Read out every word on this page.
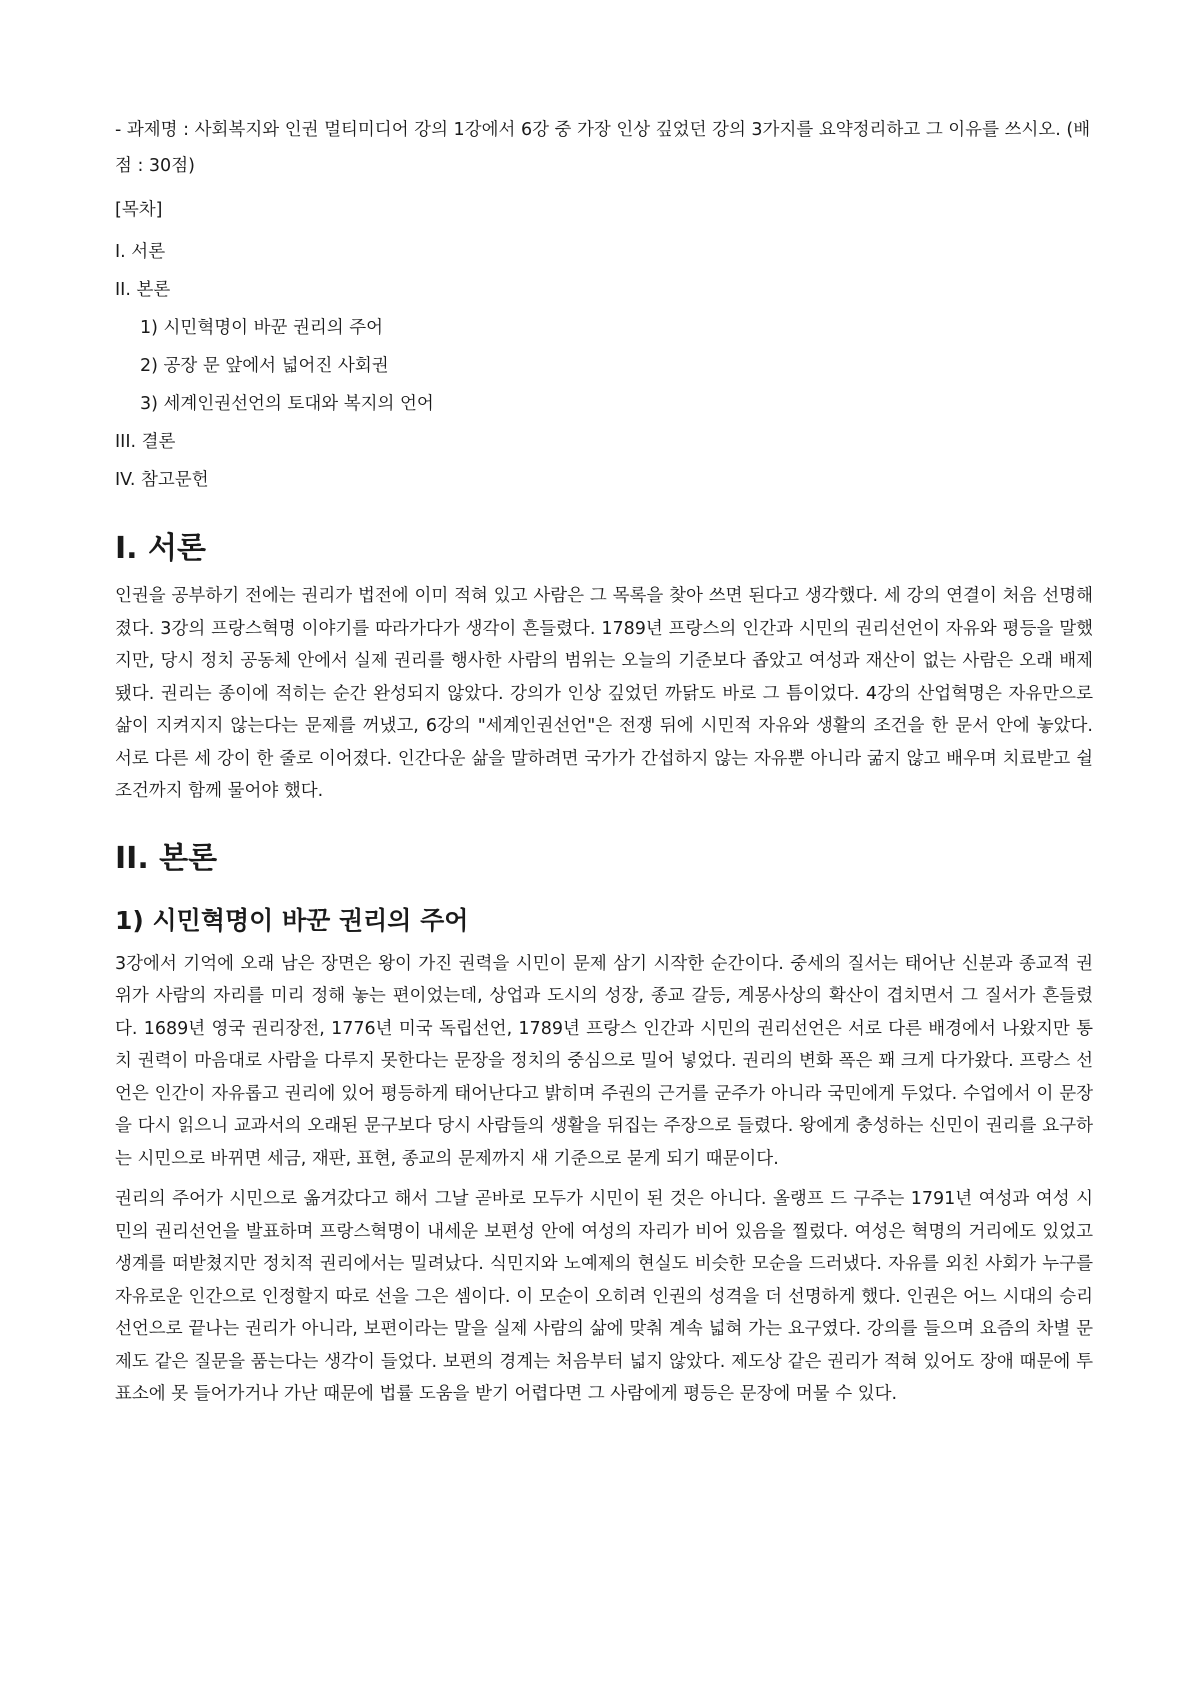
- 과제명 : 사회복지와 인권 멀티미디어 강의 1강에서 6강 중 가장 인상 깊었던 강의 3가지를 요약정리하고 그 이유를 쓰시오. (배점 : 30점)

[목차]
I. 서론
II. 본론
1) 시민혁명이 바꾼 권리의 주어
2) 공장 문 앞에서 넓어진 사회권
3) 세계인권선언의 토대와 복지의 언어
III. 결론
IV. 참고문헌
I. 서론

인권을 공부하기 전에는 권리가 법전에 이미 적혀 있고 사람은 그 목록을 찾아 쓰면 된다고 생각했다. 세 강의 연결이 처음 선명해졌다. 3강의 프랑스혁명 이야기를 따라가다가 생각이 흔들렸다. 1789년 프랑스의 인간과 시민의 권리선언이 자유와 평등을 말했지만, 당시 정치 공동체 안에서 실제 권리를 행사한 사람의 범위는 오늘의 기준보다 좁았고 여성과 재산이 없는 사람은 오래 배제됐다. 권리는 종이에 적히는 순간 완성되지 않았다. 강의가 인상 깊었던 까닭도 바로 그 틈이었다. 4강의 산업혁명은 자유만으로 삶이 지켜지지 않는다는 문제를 꺼냈고, 6강의 "세계인권선언"은 전쟁 뒤에 시민적 자유와 생활의 조건을 한 문서 안에 놓았다. 서로 다른 세 강이 한 줄로 이어졌다. 인간다운 삶을 말하려면 국가가 간섭하지 않는 자유뿐 아니라 굶지 않고 배우며 치료받고 쉴 조건까지 함께 물어야 했다.

II. 본론
1) 시민혁명이 바꾼 권리의 주어

3강에서 기억에 오래 남은 장면은 왕이 가진 권력을 시민이 문제 삼기 시작한 순간이다. 중세의 질서는 태어난 신분과 종교적 권위가 사람의 자리를 미리 정해 놓는 편이었는데, 상업과 도시의 성장, 종교 갈등, 계몽사상의 확산이 겹치면서 그 질서가 흔들렸다. 1689년 영국 권리장전, 1776년 미국 독립선언, 1789년 프랑스 인간과 시민의 권리선언은 서로 다른 배경에서 나왔지만 통치 권력이 마음대로 사람을 다루지 못한다는 문장을 정치의 중심으로 밀어 넣었다. 권리의 변화 폭은 꽤 크게 다가왔다. 프랑스 선언은 인간이 자유롭고 권리에 있어 평등하게 태어난다고 밝히며 주권의 근거를 군주가 아니라 국민에게 두었다. 수업에서 이 문장을 다시 읽으니 교과서의 오래된 문구보다 당시 사람들의 생활을 뒤집는 주장으로 들렸다. 왕에게 충성하는 신민이 권리를 요구하는 시민으로 바뀌면 세금, 재판, 표현, 종교의 문제까지 새 기준으로 묻게 되기 때문이다.

권리의 주어가 시민으로 옮겨갔다고 해서 그날 곧바로 모두가 시민이 된 것은 아니다. 올랭프 드 구주는 1791년 여성과 여성 시민의 권리선언을 발표하며 프랑스혁명이 내세운 보편성 안에 여성의 자리가 비어 있음을 찔렀다. 여성은 혁명의 거리에도 있었고 생계를 떠받쳤지만 정치적 권리에서는 밀려났다. 식민지와 노예제의 현실도 비슷한 모순을 드러냈다. 자유를 외친 사회가 누구를 자유로운 인간으로 인정할지 따로 선을 그은 셈이다. 이 모순이 오히려 인권의 성격을 더 선명하게 했다. 인권은 어느 시대의 승리 선언으로 끝나는 권리가 아니라, 보편이라는 말을 실제 사람의 삶에 맞춰 계속 넓혀 가는 요구였다. 강의를 들으며 요즘의 차별 문제도 같은 질문을 품는다는 생각이 들었다. 보편의 경계는 처음부터 넓지 않았다. 제도상 같은 권리가 적혀 있어도 장애 때문에 투표소에 못 들어가거나 가난 때문에 법률 도움을 받기 어렵다면 그 사람에게 평등은 문장에 머물 수 있다.
